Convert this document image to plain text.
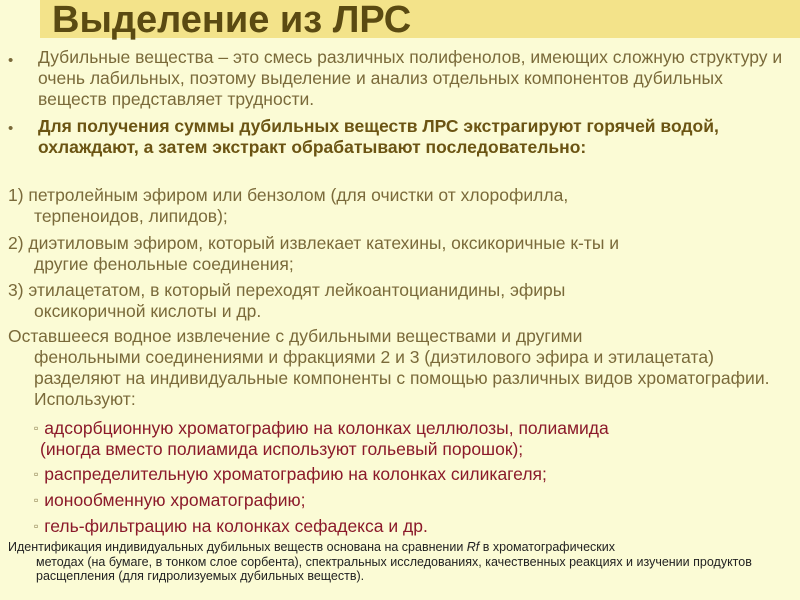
Выделение из ЛРС
• Дубильные вещества – это смесь различных полифенолов, имеющих сложную структуру и очень лабильных, поэтому выделение и анализ отдельных компонентов дубильных веществ представляет трудности.
• Для получения суммы дубильных веществ ЛРС экстрагируют горячей водой, охлаждают, а затем экстракт обрабатывают последовательно:
1) петролейным эфиром или бензолом (для очистки от хлорофилла,
терпеноидов, липидов);
2) диэтиловым эфиром, который извлекает катехины, оксикоричные к-ты и
другие фенольные соединения;
3) этилацетатом, в который переходят лейкоантоцианидины, эфиры
оксикоричной кислоты и др.
Оставшееся водное извлечение с дубильными веществами и другими
фенольными соединениями и фракциями 2 и 3 (диэтилового эфира и этилацетата) разделяют на индивидуальные компоненты с помощью различных видов хроматографии. Используют:
▫ адсорбционную хроматографию на колонках целлюлозы, полиамида
(иногда вместо полиамида используют гольевый порошок);
▫ распределительную хроматографию на колонках силикагеля;
▫ ионообменную хроматографию;
▫ гель-фильтрацию на колонках сефадекса и др.
Идентификация индивидуальных дубильных веществ основана на сравнении Rf в хроматографических
методах (на бумаге, в тонком слое сорбента), спектральных исследованиях, качественных реакциях и изучении продуктов расщепления (для гидролизуемых дубильных веществ).
